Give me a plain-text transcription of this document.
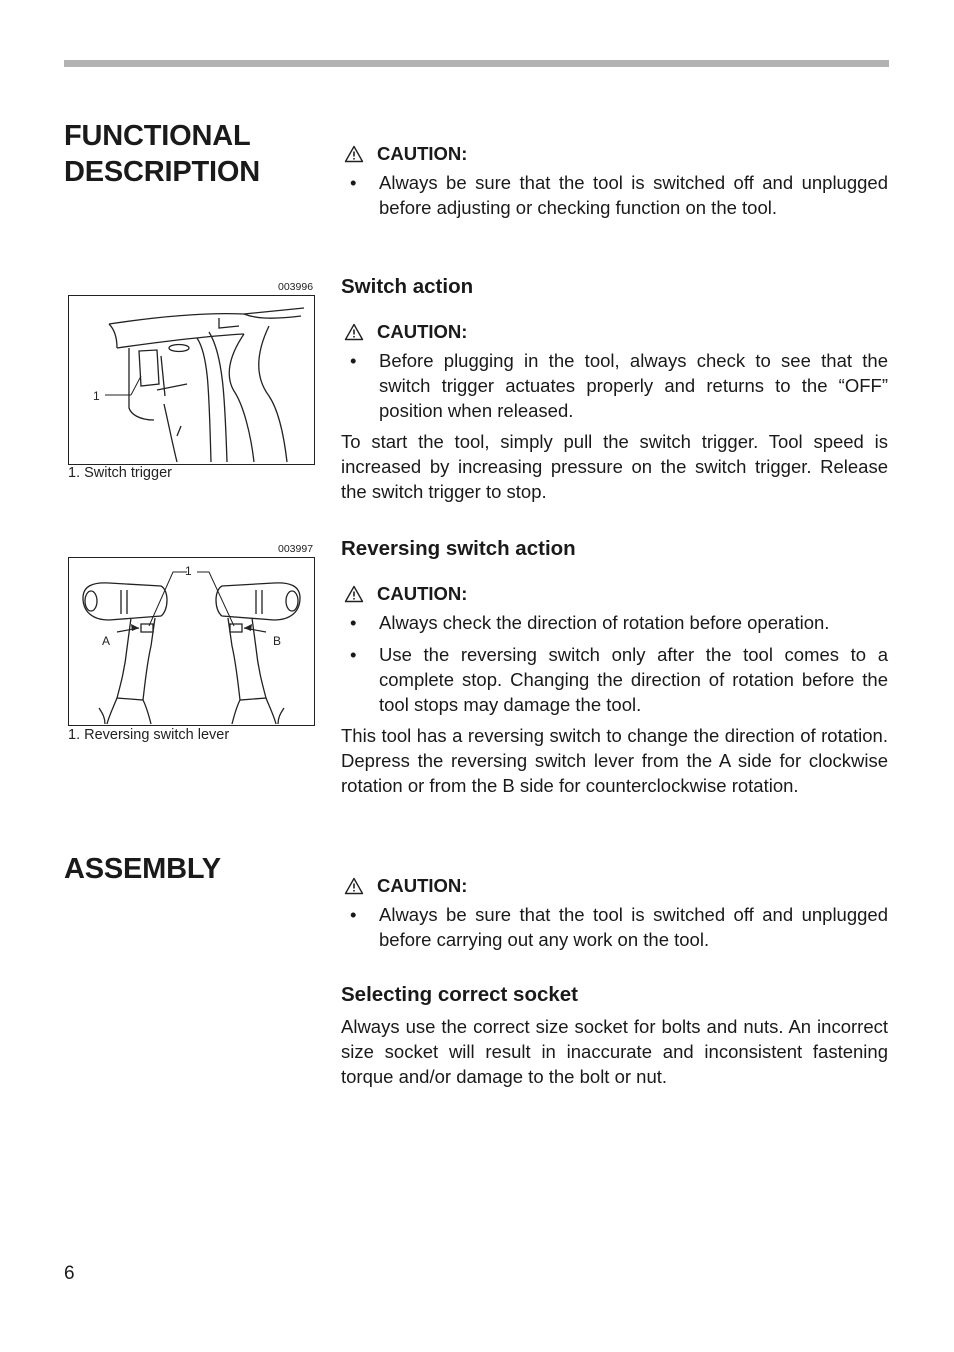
FUNCTIONAL
DESCRIPTION
ASSEMBLY
003996
1
1. Switch trigger
003997
1
A	B
1. Reversing switch lever
CAUTION:
•	Always be sure that the tool is switched off and unplugged before adjusting or checking function on the tool.
Switch action
CAUTION:
•	Before plugging in the tool, always check to see that the switch trigger actuates properly and returns to the “OFF” position when released.
To start the tool, simply pull the switch trigger. Tool speed is increased by increasing pressure on the switch trigger. Release the switch trigger to stop.
Reversing switch action
CAUTION:
•	Always check the direction of rotation before operation.
•	Use the reversing switch only after the tool comes to a complete stop. Changing the direction of rotation before the tool stops may damage the tool.
This tool has a reversing switch to change the direction of rotation. Depress the reversing switch lever from the A side for clockwise rotation or from the B side for counterclockwise rotation.
CAUTION:
•	Always be sure that the tool is switched off and unplugged before carrying out any work on the tool.
Selecting correct socket
Always use the correct size socket for bolts and nuts. An incorrect size socket will result in inaccurate and inconsistent fastening torque and/or damage to the bolt or nut.
6
